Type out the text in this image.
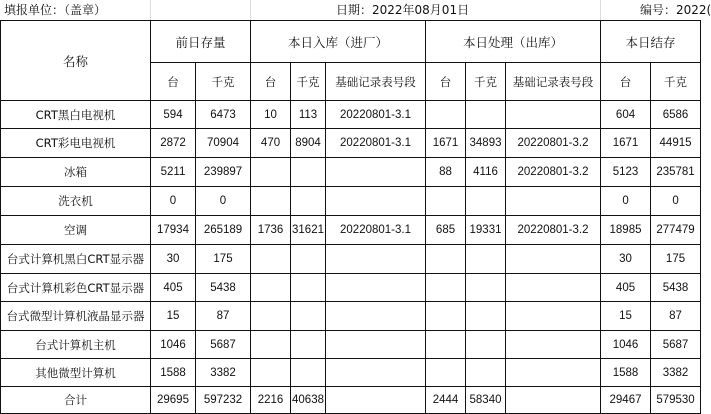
填报单位：（盖章）	日期：2022年08月01日	编号：2022(
名称	前日存量		本日入库（进厂）			本日处理（出库）			本日结存	
	台	千克	台	千克	基础记录表号段	台	千克	基础记录表号段	台	千克
CRT黑白电视机	594	6473	10	113	20220801-3.1				604	6586
CRT彩电电视机	2872	70904	470	8904	20220801-3.1	1671	34893	20220801-3.2	1671	44915
冰箱	5211	239897				88	4116	20220801-3.2	5123	235781
洗衣机	0	0							0	0
空调	17934	265189	1736	31621	20220801-3.1	685	19331	20220801-3.2	18985	277479
台式计算机黑白CRT显示器	30	175							30	175
台式计算机彩色CRT显示器	405	5438							405	5438
台式微型计算机液晶显示器	15	87							15	87
台式计算机主机	1046	5687							1046	5687
其他微型计算机	1588	3382							1588	3382
合计	29695	597232	2216	40638		2444	58340		29467	579530
